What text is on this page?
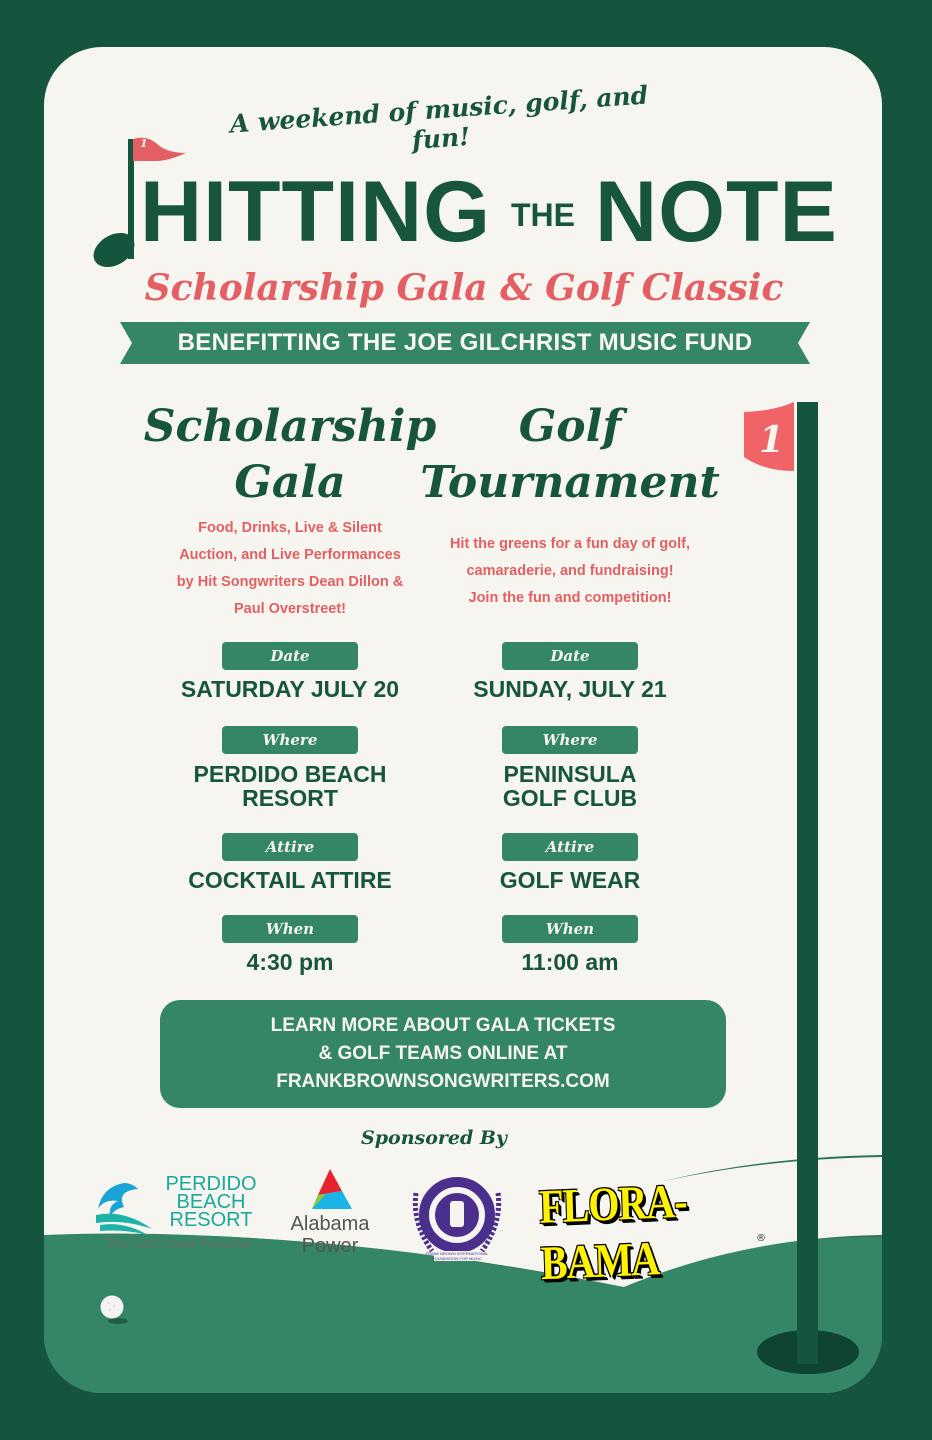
1
1
A weekend of music, golf, and fun!
HITTING THE NOTE
Scholarship Gala & Golf Classic
BENEFITTING THE JOE GILCHRIST MUSIC FUND
Scholarship
Gala
Food, Drinks, Live & Silent
Auction, and Live Performances
by Hit Songwriters Dean Dillon &
Paul Overstreet!
Date
SATURDAY JULY 20
Where
PERDIDO BEACH
RESORT
Attire
COCKTAIL ATTIRE
When
4:30 pm
Golf
Tournament
Hit the greens for a fun day of golf,
camaraderie, and fundraising!
Join the fun and competition!
Date
SUNDAY, JULY 21
Where
PENINSULA
GOLF CLUB
Attire
GOLF WEAR
When
11:00 am
LEARN MORE ABOUT GALA TICKETS
& GOLF TEAMS ONLINE AT
FRANKBROWNSONGWRITERS.COM
Sponsored By
PERDIDO
BEACH
RESORT
The Gulf Coast Paradise
Alabama
Power	FRANK BROWN INTERNATIONAL
FOUNDATION FOR MUSIC
FLORA-BAMA	®
